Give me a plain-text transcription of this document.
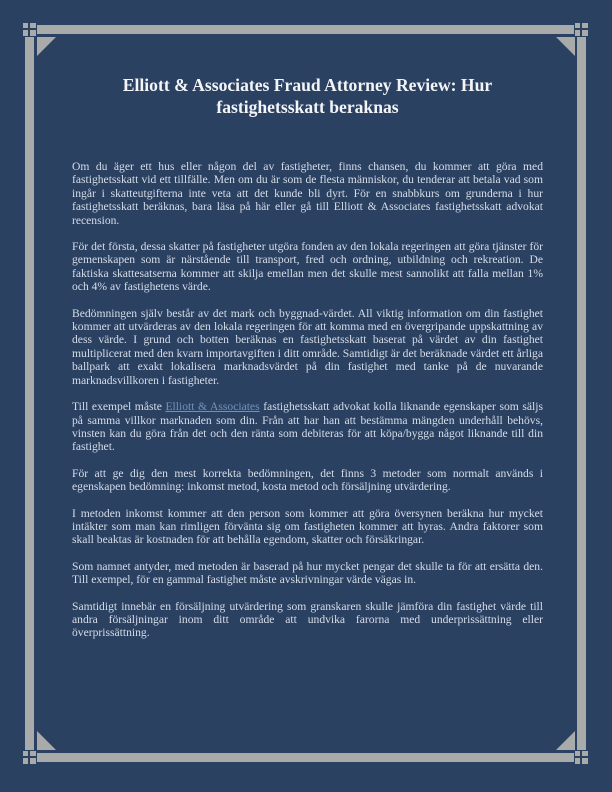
Elliott & Associates Fraud Attorney Review: Hur fastighetsskatt beraknas

Om du äger ett hus eller någon del av fastigheter, finns chansen, du kommer att göra med fastighetsskatt vid ett tillfälle. Men om du är som de flesta människor, du tenderar att betala vad som ingår i skatteutgifterna inte veta att det kunde bli dyrt. För en snabbkurs om grunderna i hur fastighetsskatt beräknas, bara läsa på här eller gå till Elliott & Associates fastighetsskatt advokat recension.

För det första, dessa skatter på fastigheter utgöra fonden av den lokala regeringen att göra tjänster för gemenskapen som är närstående till transport, fred och ordning, utbildning och rekreation. De faktiska skattesatserna kommer att skilja emellan men det skulle mest sannolikt att falla mellan 1% och 4% av fastighetens värde.

Bedömningen själv består av det mark och byggnad-värdet. All viktig information om din fastighet kommer att utvärderas av den lokala regeringen för att komma med en övergripande uppskattning av dess värde. I grund och botten beräknas en fastighetsskatt baserat på värdet av din fastighet multiplicerat med den kvarn importavgiften i ditt område. Samtidigt är det beräknade värdet ett årliga ballpark att exakt lokalisera marknadsvärdet på din fastighet med tanke på de nuvarande marknadsvillkoren i fastigheter.

Till exempel måste Elliott & Associates fastighetsskatt advokat kolla liknande egenskaper som säljs på samma villkor marknaden som din. Från att har han att bestämma mängden underhåll behövs, vinsten kan du göra från det och den ränta som debiteras för att köpa/bygga något liknande till din fastighet.

För att ge dig den mest korrekta bedömningen, det finns 3 metoder som normalt används i egenskapen bedömning: inkomst metod, kosta metod och försäljning utvärdering.

I metoden inkomst kommer att den person som kommer att göra översynen beräkna hur mycket intäkter som man kan rimligen förvänta sig om fastigheten kommer att hyras. Andra faktorer som skall beaktas är kostnaden för att behålla egendom, skatter och försäkringar.

Som namnet antyder, med metoden är baserad på hur mycket pengar det skulle ta för att ersätta den. Till exempel, för en gammal fastighet måste avskrivningar värde vägas in.

Samtidigt innebär en försäljning utvärdering som granskaren skulle jämföra din fastighet värde till andra försäljningar inom ditt område att undvika farorna med underprissättning eller överprissättning.
